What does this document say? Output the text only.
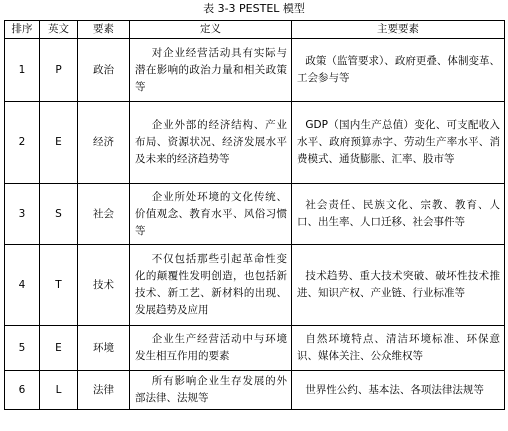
表 3-3 PESTEL 模型
排序	英文	要素	定义	主要要素
1	P	政治	对企业经营活动具有实际与潜在影响的政治力量和相关政策等	政策（监管要求）、政府更叠、体制变革、工会参与等
2	E	经济	企业外部的经济结构、产业布局、资源状况、经济发展水平及未来的经济趋势等	GDP（国内生产总值）变化、可支配收入水平、政府预算赤字、劳动生产率水平、消费模式、通货膨胀、汇率、股市等
3	S	社会	企业所处环境的文化传统、价值观念、教育水平、风俗习惯等	社会责任、民族文化、宗教、教育、人口、出生率、人口迁移、社会事件等
4	T	技术	不仅包括那些引起革命性变化的颠覆性发明创造，也包括新技术、新工艺、新材料的出现、发展趋势及应用	技术趋势、重大技术突破、破坏性技术推进、知识产权、产业链、行业标准等
5	E	环境	企业生产经营活动中与环境发生相互作用的要素	自然环境特点、清洁环境标准、环保意识、媒体关注、公众维权等
6	L	法律	所有影响企业生存发展的外部法律、法规等	世界性公约、基本法、各项法律法规等
